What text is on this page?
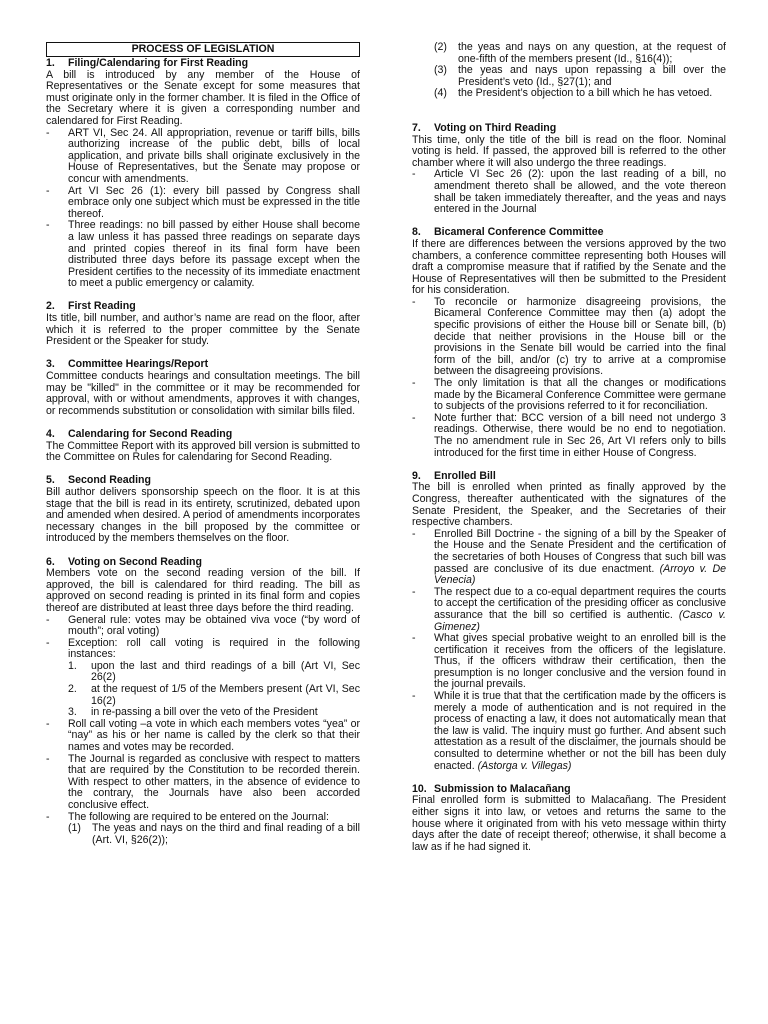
PROCESS OF LEGISLATION
1.	Filing/Calendaring for First Reading

A bill is introduced by any member of the House of Representatives or the Senate except for some measures that must originate only in the former chamber. It is filed in the Office of the Secretary where it is given a corresponding number and calendared for First Reading.

- ART VI, Sec 24. All appropriation, revenue or tariff bills, bills authorizing increase of the public debt, bills of local application, and private bills shall originate exclusively in the House of Representatives, but the Senate may propose or concur with amendments.
- Art VI Sec 26 (1): every bill passed by Congress shall embrace only one subject which must be expressed in the title thereof.
- Three readings: no bill passed by either House shall become a law unless it has passed three readings on separate days and printed copies thereof in its final form have been distributed three days before its passage except when the President certifies to the necessity of its immediate enactment to meet a public emergency or calamity.
2.	First Reading

Its title, bill number, and author’s name are read on the floor, after which it is referred to the proper committee by the Senate President or the Speaker for study.

3.	Committee Hearings/Report

Committee conducts hearings and consultation meetings. The bill may be "killed" in the committee or it may be recommended for approval, with or without amendments, approves it with changes, or recommends substitution or consolidation with similar bills filed.

4.	Calendaring for Second Reading

The Committee Report with its approved bill version is submitted to the Committee on Rules for calendaring for Second Reading.

5.	Second Reading

Bill author delivers sponsorship speech on the floor. It is at this stage that the bill is read in its entirety, scrutinized, debated upon and amended when desired. A period of amendments incorporates necessary changes in the bill proposed by the committee or introduced by the members themselves on the floor.

6.	Voting on Second Reading

Members vote on the second reading version of the bill. If approved, the bill is calendared for third reading. The bill as approved on second reading is printed in its final form and copies thereof are distributed at least three days before the third reading.

- General rule: votes may be obtained viva voce (“by word of mouth”; oral voting)
- Exception: roll call voting is required in the following instances:
1. upon the last and third readings of a bill (Art VI, Sec 26(2)
2. at the request of 1/5 of the Members present (Art VI, Sec 16(2)
3. in re-passing a bill over the veto of the President
- Roll call voting –a vote in which each members votes “yea” or “nay” as his or her name is called by the clerk so that their names and votes may be recorded.
- The Journal is regarded as conclusive with respect to matters that are required by the Constitution to be recorded therein. With respect to other matters, in the absence of evidence to the contrary, the Journals have also been accorded conclusive effect.
- The following are required to be entered on the Journal:
(1) The yeas and nays on the third and final reading of a bill (Art. VI, §26(2));
(2) the yeas and nays on any question, at the request of one-fifth of the members present (Id., §16(4));
(3) the yeas and nays upon repassing a bill over the President’s veto (Id., §27(1); and
(4) the President’s objection to a bill which he has vetoed.
7.	Voting on Third Reading

This time, only the title of the bill is read on the floor. Nominal voting is held. If passed, the approved bill is referred to the other chamber where it will also undergo the three readings.

- Article VI Sec 26 (2): upon the last reading of a bill, no amendment thereto shall be allowed, and the vote thereon shall be taken immediately thereafter, and the yeas and nays entered in the Journal
8.	Bicameral Conference Committee

If there are differences between the versions approved by the two chambers, a conference committee representing both Houses will draft a compromise measure that if ratified by the Senate and the House of Representatives will then be submitted to the President for his consideration.

- To reconcile or harmonize disagreeing provisions, the Bicameral Conference Committee may then (a) adopt the specific provisions of either the House bill or Senate bill, (b) decide that neither provisions in the House bill or the provisions in the Senate bill would be carried into the final form of the bill, and/or (c) try to arrive at a compromise between the disagreeing provisions.
- The only limitation is that all the changes or modifications made by the Bicameral Conference Committee were germane to subjects of the provisions referred to it for reconciliation.
- Note further that: BCC version of a bill need not undergo 3 readings. Otherwise, there would be no end to negotiation. The no amendment rule in Sec 26, Art VI refers only to bills introduced for the first time in either House of Congress.
9.	Enrolled Bill

The bill is enrolled when printed as finally approved by the Congress, thereafter authenticated with the signatures of the Senate President, the Speaker, and the Secretaries of their respective chambers.

- Enrolled Bill Doctrine - the signing of a bill by the Speaker of the House and the Senate President and the certification of the secretaries of both Houses of Congress that such bill was passed are conclusive of its due enactment. (Arroyo v. De Venecia)
- The respect due to a co-equal department requires the courts to accept the certification of the presiding officer as conclusive assurance that the bill so certified is authentic. (Casco v. Gimenez)
- What gives special probative weight to an enrolled bill is the certification it receives from the officers of the legislature. Thus, if the officers withdraw their certification, then the presumption is no longer conclusive and the version found in the journal prevails.
- While it is true that that the certification made by the officers is merely a mode of authentication and is not required in the process of enacting a law, it does not automatically mean that the law is valid. The inquiry must go further. And absent such attestation as a result of the disclaimer, the journals should be consulted to determine whether or not the bill has been duly enacted. (Astorga v. Villegas)
10. Submission to Malacañang

Final enrolled form is submitted to Malacañang. The President either signs it into law, or vetoes and returns the same to the house where it originated from with his veto message within thirty days after the date of receipt thereof; otherwise, it shall become a law as if he had signed it.
